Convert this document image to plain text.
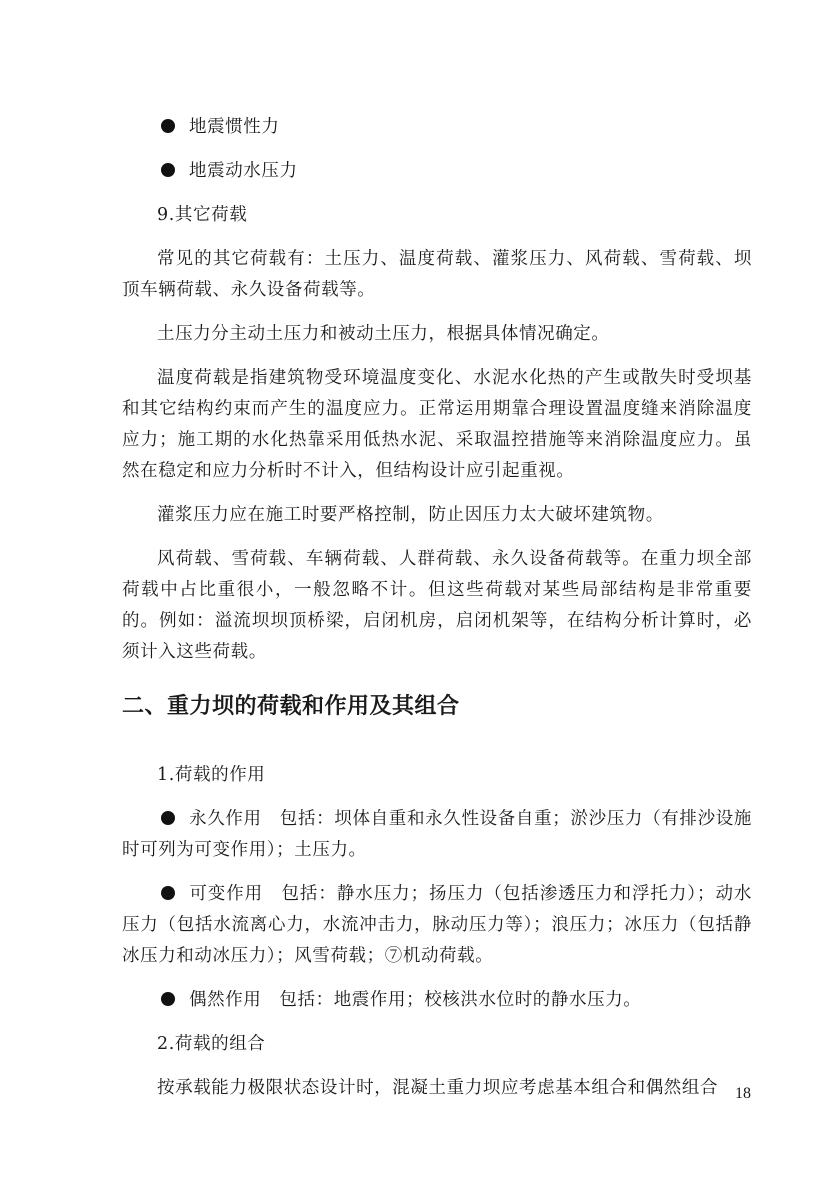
地震惯性力
地震动水压力

9.其它荷载

常见的其它荷载有：土压力、温度荷载、灌浆压力、风荷载、雪荷载、坝顶车辆荷载、永久设备荷载等。

土压力分主动土压力和被动土压力，根据具体情况确定。

温度荷载是指建筑物受环境温度变化、水泥水化热的产生或散失时受坝基和其它结构约束而产生的温度应力。正常运用期靠合理设置温度缝来消除温度应力；施工期的水化热靠采用低热水泥、采取温控措施等来消除温度应力。虽然在稳定和应力分析时不计入，但结构设计应引起重视。

灌浆压力应在施工时要严格控制，防止因压力太大破坏建筑物。

风荷载、雪荷载、车辆荷载、人群荷载、永久设备荷载等。在重力坝全部荷载中占比重很小，一般忽略不计。但这些荷载对某些局部结构是非常重要的。例如：溢流坝坝顶桥梁，启闭机房，启闭机架等，在结构分析计算时，必须计入这些荷载。

二、重力坝的荷载和作用及其组合

1.荷载的作用

永久作用 包括：坝体自重和永久性设备自重；淤沙压力（有排沙设施时可列为可变作用）；土压力。
可变作用 包括：静水压力；扬压力（包括渗透压力和浮托力）；动水压力（包括水流离心力，水流冲击力，脉动压力等）；浪压力；冰压力（包括静冰压力和动冰压力）；风雪荷载；⑦机动荷载。
偶然作用 包括：地震作用；校核洪水位时的静水压力。

2.荷载的组合

按承载能力极限状态设计时，混凝土重力坝应考虑基本组合和偶然组合	18
